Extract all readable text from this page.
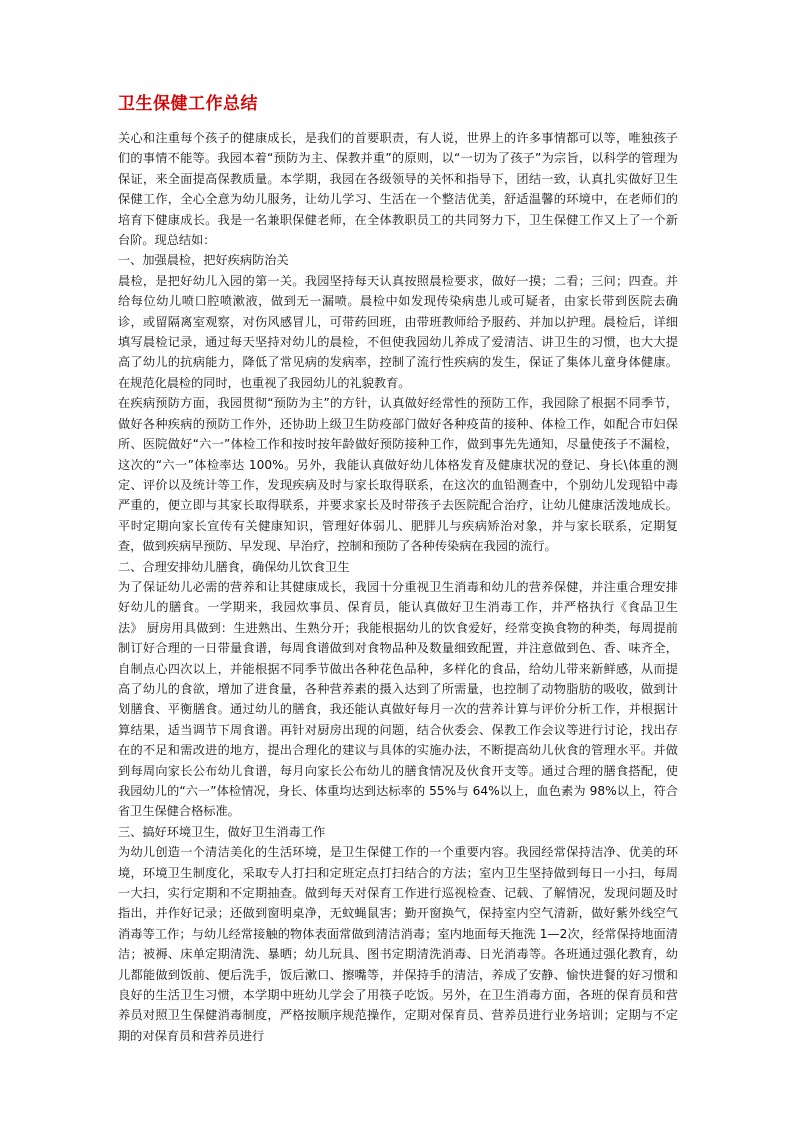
卫生保健工作总结

关心和注重每个孩子的健康成长，是我们的首要职责，有人说，世界上的许多事情都可以等，唯独孩子们的事情不能等。我园本着“预防为主、保教并重”的原则，以“一切为了孩子”为宗旨，以科学的管理为保证，来全面提高保教质量。本学期，我园在各级领导的关怀和指导下，团结一致，认真扎实做好卫生保健工作，全心全意为幼儿服务，让幼儿学习、生活在一个整洁优美，舒适温馨的环境中，在老师们的培育下健康成长。我是一名兼职保健老师，在全体教职员工的共同努力下，卫生保健工作又上了一个新台阶。现总结如：

一、加强晨检，把好疾病防治关

晨检，是把好幼儿入园的第一关。我园坚持每天认真按照晨检要求，做好一摸；二看；三问；四查。并给每位幼儿喷口腔喷漱液，做到无一漏喷。晨检中如发现传染病患儿或可疑者，由家长带到医院去确诊，或留隔离室观察，对伤风感冒儿，可带药回班，由带班教师给予服药、并加以护理。晨检后，详细填写晨检记录，通过每天坚持对幼儿的晨检，不但使我园幼儿养成了爱清洁、讲卫生的习惯，也大大提高了幼儿的抗病能力，降低了常见病的发病率，控制了流行性疾病的发生，保证了集体儿童身体健康。在规范化晨检的同时，也重视了我园幼儿的礼貌教育。

在疾病预防方面，我园贯彻“预防为主”的方针，认真做好经常性的预防工作，我园除了根据不同季节，做好各种疾病的预防工作外，还协助上级卫生防疫部门做好各种疫苗的接种、体检工作，如配合市妇保所、医院做好“六一”体检工作和按时按年龄做好预防接种工作，做到事先先通知，尽量使孩子不漏检，这次的“六一”体检率达 100%。另外，我能认真做好幼儿体格发育及健康状况的登记、身长\体重的测定、评价以及统计等工作，发现疾病及时与家长取得联系，在这次的血铅测查中，个别幼儿发现铅中毒严重的，便立即与其家长取得联系，并要求家长及时带孩子去医院配合治疗，让幼儿健康活泼地成长。平时定期向家长宣传有关健康知识，管理好体弱儿、肥胖儿与疾病矫治对象，并与家长联系，定期复查，做到疾病早预防、早发现、早治疗，控制和预防了各种传染病在我园的流行。

二、合理安排幼儿膳食，确保幼儿饮食卫生

为了保证幼儿必需的营养和让其健康成长，我园十分重视卫生消毒和幼儿的营养保健，并注重合理安排好幼儿的膳食。一学期来，我园炊事员、保育员，能认真做好卫生消毒工作，并严格执行《食品卫生法》 厨房用具做到：生进熟出、生熟分开；我能根据幼儿的饮食爱好，经常变换食物的种类，每周提前制订好合理的一日带量食谱，每周食谱做到对食物品种及数量细致配置，并注意做到色、香、味齐全，自制点心四次以上，并能根据不同季节做出各种花色品种，多样化的食品，给幼儿带来新鲜感，从而提高了幼儿的食欲，增加了进食量，各种营养素的摄入达到了所需量，也控制了动物脂肪的吸收，做到计划膳食、平衡膳食。通过幼儿的膳食，我还能认真做好每月一次的营养计算与评价分析工作，并根据计算结果，适当调节下周食谱。再针对厨房出现的问题，结合伙委会、保教工作会议等进行讨论，找出存在的不足和需改进的地方，提出合理化的建议与具体的实施办法，不断提高幼儿伙食的管理水平。并做到每周向家长公布幼儿食谱，每月向家长公布幼儿的膳食情况及伙食开支等。通过合理的膳食搭配，使我园幼儿的“六一”体检情况，身长、体重均达到达标率的 55%与 64%以上，血色素为 98%以上，符合省卫生保健合格标准。

三、搞好环境卫生，做好卫生消毒工作

为幼儿创造一个清洁美化的生活环境，是卫生保健工作的一个重要内容。我园经常保持洁净、优美的环境，环境卫生制度化，采取专人打扫和定班定点打扫结合的方法；室内卫生坚持做到每日一小扫，每周一大扫，实行定期和不定期抽查。做到每天对保育工作进行巡视检查、记载、了解情况，发现问题及时指出，并作好记录；还做到窗明桌净，无蚊蝇鼠害；勤开窗换气，保持室内空气清新，做好紫外线空气消毒等工作；与幼儿经常接触的物体表面常做到清洁消毒；室内地面每天拖洗 1—2次，经常保持地面清洁；被褥、床单定期清洗、暴晒；幼儿玩具、图书定期清洗消毒、日光消毒等。各班通过强化教育，幼儿都能做到饭前、便后洗手，饭后漱口、擦嘴等，并保持手的清洁，养成了安静、愉快进餐的好习惯和良好的生活卫生习惯，本学期中班幼儿学会了用筷子吃饭。另外，在卫生消毒方面，各班的保育员和营养员对照卫生保健消毒制度，严格按顺序规范操作，定期对保育员、营养员进行业务培训；定期与不定期的对保育员和营养员进行
